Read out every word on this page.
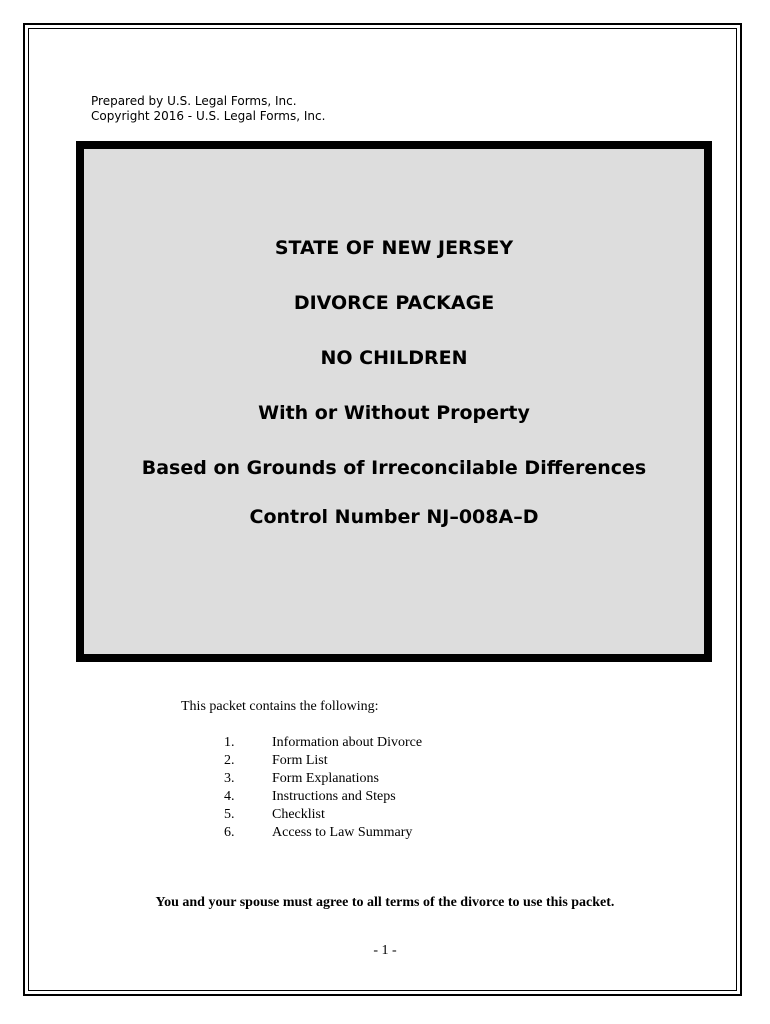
Prepared by U.S. Legal Forms, Inc.
Copyright 2016 - U.S. Legal Forms, Inc.
STATE OF NEW JERSEY
DIVORCE PACKAGE
NO CHILDREN
With or Without Property
Based on Grounds of Irreconcilable Differences
Control Number NJ–008A–D
This packet contains the following:
1.	Information about Divorce
2.	Form List
3.	Form Explanations
4.	Instructions and Steps
5.	Checklist
6.	Access to Law Summary
You and your spouse must agree to all terms of the divorce to use this packet.
- 1 -
